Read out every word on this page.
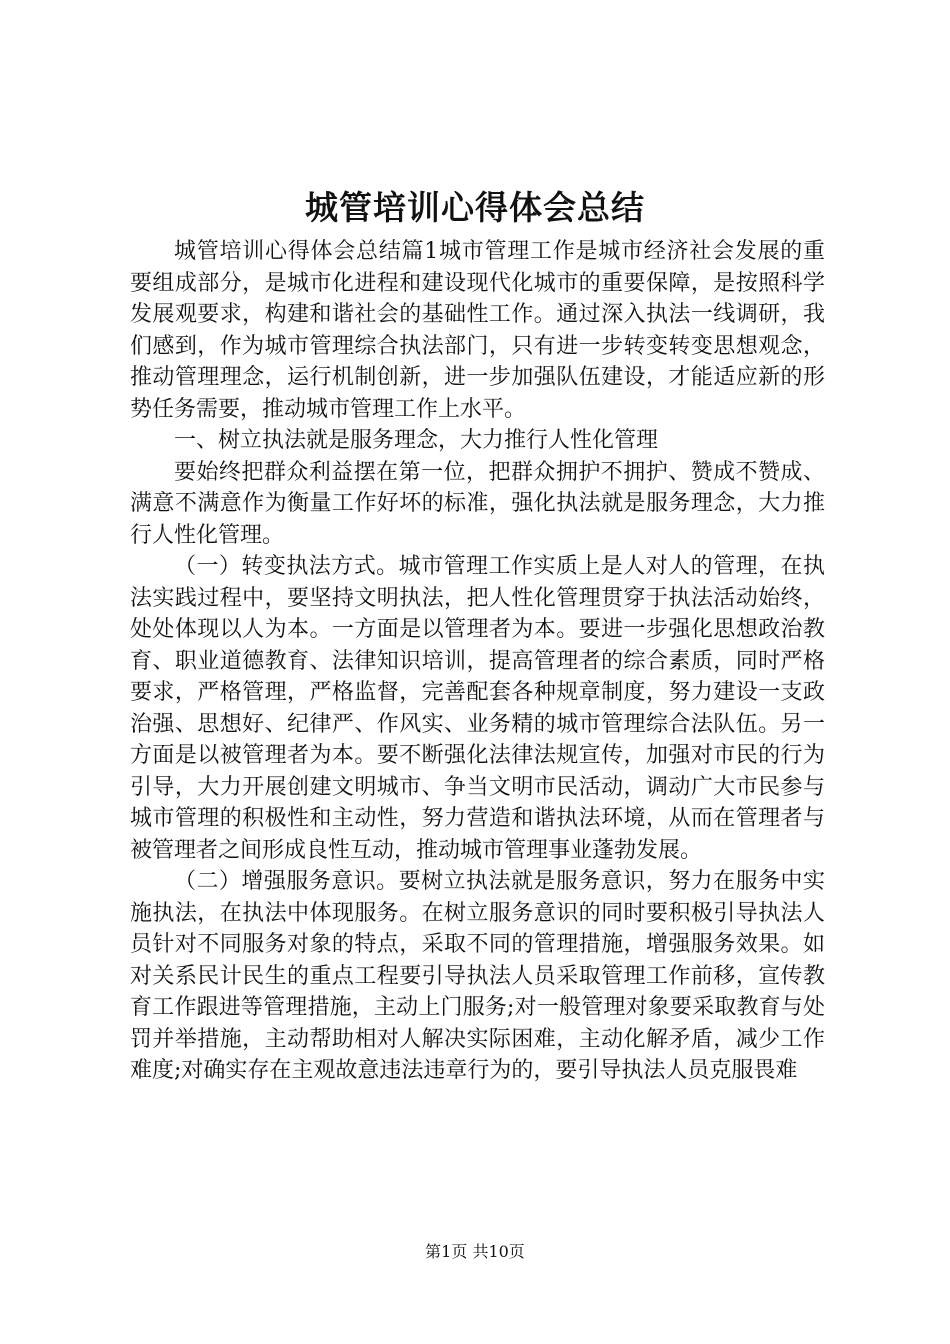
城管培训心得体会总结

城管培训心得体会总结篇1城市管理工作是城市经济社会发展的重要组成部分，是城市化进程和建设现代化城市的重要保障，是按照科学发展观要求，构建和谐社会的基础性工作。通过深入执法一线调研，我们感到，作为城市管理综合执法部门，只有进一步转变转变思想观念，推动管理理念，运行机制创新，进一步加强队伍建设，才能适应新的形势任务需要，推动城市管理工作上水平。

一、树立执法就是服务理念，大力推行人性化管理

要始终把群众利益摆在第一位，把群众拥护不拥护、赞成不赞成、满意不满意作为衡量工作好坏的标准，强化执法就是服务理念，大力推行人性化管理。

（一）转变执法方式。城市管理工作实质上是人对人的管理，在执法实践过程中，要坚持文明执法，把人性化管理贯穿于执法活动始终，处处体现以人为本。一方面是以管理者为本。要进一步强化思想政治教育、职业道德教育、法律知识培训，提高管理者的综合素质，同时严格要求，严格管理，严格监督，完善配套各种规章制度，努力建设一支政治强、思想好、纪律严、作风实、业务精的城市管理综合法队伍。另一方面是以被管理者为本。要不断强化法律法规宣传，加强对市民的行为引导，大力开展创建文明城市、争当文明市民活动，调动广大市民参与城市管理的积极性和主动性，努力营造和谐执法环境，从而在管理者与被管理者之间形成良性互动，推动城市管理事业蓬勃发展。

（二）增强服务意识。要树立执法就是服务意识，努力在服务中实施执法，在执法中体现服务。在树立服务意识的同时要积极引导执法人员针对不同服务对象的特点，采取不同的管理措施，增强服务效果。如对关系民计民生的重点工程要引导执法人员采取管理工作前移，宣传教育工作跟进等管理措施，主动上门服务;对一般管理对象要采取教育与处罚并举措施，主动帮助相对人解决实际困难，主动化解矛盾，减少工作难度;对确实存在主观故意违法违章行为的，要引导执法人员克服畏难

第1页 共10页
